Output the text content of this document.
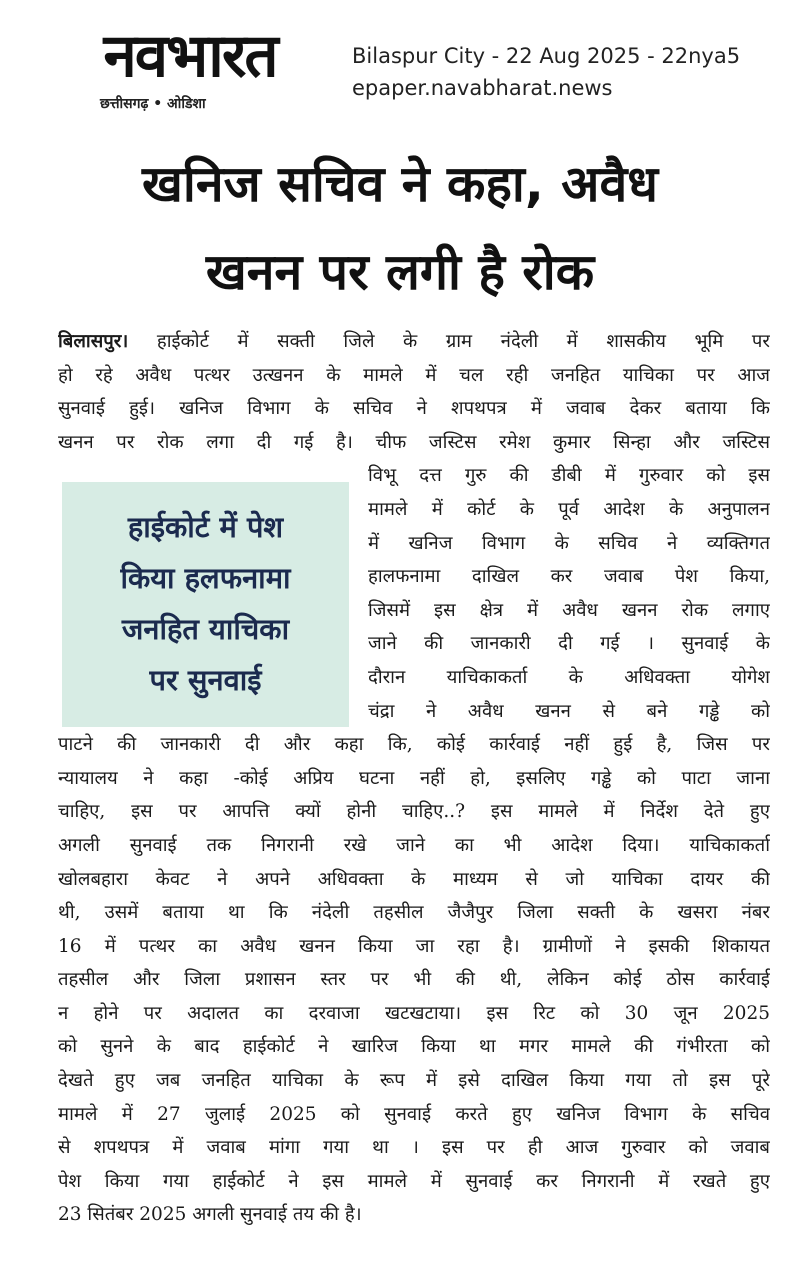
नवभारत
छत्तीसगढ़ • ओडिशा
Bilaspur City - 22 Aug 2025 - 22nya5
epaper.navabharat.news
खनिज सचिव ने कहा, अवैध
खनन पर लगी है रोक
हाईकोर्ट में पेश
किया हलफनामा
जनहित याचिका
पर सुनवाई
बिलासपुर। हाईकोर्ट में सक्ती जिले के ग्राम नंदेली में शासकीय भूमि पर
हो रहे अवैध पत्थर उत्खनन के मामले में चल रही जनहित याचिका पर आज
सुनवाई हुई। खनिज विभाग के सचिव ने शपथपत्र में जवाब देकर बताया कि
खनन पर रोक लगा दी गई है। चीफ जस्टिस रमेश कुमार सिन्हा और जस्टिस
विभू दत्त गुरु की डीबी में गुरुवार को इस
मामले में कोर्ट के पूर्व आदेश के अनुपालन
में खनिज विभाग के सचिव ने व्यक्तिगत
हालफनामा दाखिल कर जवाब पेश किया,
जिसमें इस क्षेत्र में अवैध खनन रोक लगाए
जाने की जानकारी दी गई । सुनवाई के
दौरान याचिकाकर्ता के अधिवक्ता योगेश
चंद्रा ने अवैध खनन से बने गड्ढे को
पाटने की जानकारी दी और कहा कि, कोई कार्रवाई नहीं हुई है, जिस पर
न्यायालय ने कहा -कोई अप्रिय घटना नहीं हो, इसलिए गड्ढे को पाटा जाना
चाहिए, इस पर आपत्ति क्यों होनी चाहिए..? इस मामले में निर्देश देते हुए
अगली सुनवाई तक निगरानी रखे जाने का भी आदेश दिया। याचिकाकर्ता
खोलबहारा केवट ने अपने अधिवक्ता के माध्यम से जो याचिका दायर की
थी, उसमें बताया था कि नंदेली तहसील जैजैपुर जिला सक्ती के खसरा नंबर
16 में पत्थर का अवैध खनन किया जा रहा है। ग्रामीणों ने इसकी शिकायत
तहसील और जिला प्रशासन स्तर पर भी की थी, लेकिन कोई ठोस कार्रवाई
न होने पर अदालत का दरवाजा खटखटाया। इस रिट को 30 जून 2025
को सुनने के बाद हाईकोर्ट ने खारिज किया था मगर मामले की गंभीरता को
देखते हुए जब जनहित याचिका के रूप में इसे दाखिल किया गया तो इस पूरे
मामले में 27 जुलाई 2025 को सुनवाई करते हुए खनिज विभाग के सचिव
से शपथपत्र में जवाब मांगा गया था । इस पर ही आज गुरुवार को जवाब
पेश किया गया हाईकोर्ट ने इस मामले में सुनवाई कर निगरानी में रखते हुए
23 सितंबर 2025 अगली सुनवाई तय की है।
